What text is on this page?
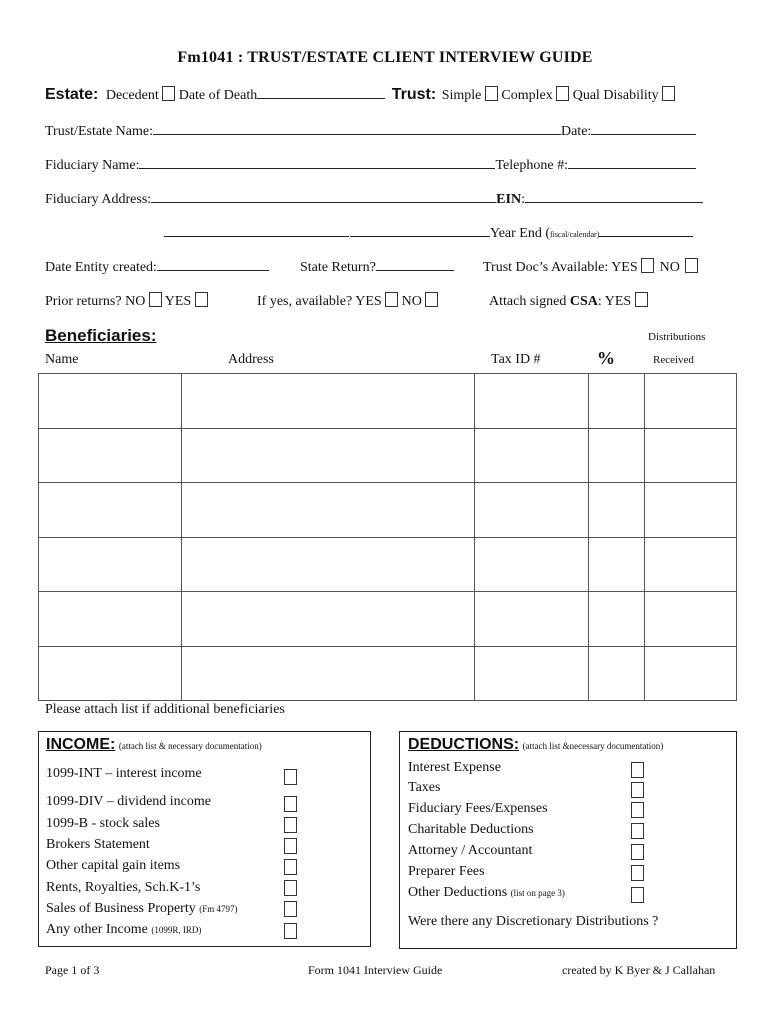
Fm1041 : TRUST/ESTATE CLIENT INTERVIEW GUIDE
Estate: Decedent Date of Death	Trust: Simple Complex Qual Disability
Trust/Estate Name:	Date:
Fiduciary Name:	Telephone #:
Fiduciary Address:	EIN:
Year End (fiscal/calendar)
Date Entity created:	State Return?	Trust Doc’s Available: YES NO
Prior returns? NO YES	If yes, available? YES NO	Attach signed CSA: YES
Beneficiaries:	Distributions
Name	Address	Tax ID #	%	Received

Please attach list if additional beneficiaries
INCOME: (attach list & necessary documentation)
1099-INT – interest income
1099-DIV – dividend income
1099-B - stock sales
Brokers Statement
Other capital gain items
Rents, Royalties, Sch.K-1’s
Sales of Business Property (Fm 4797)
Any other Income (1099R, IRD)
DEDUCTIONS: (attach list &necessary documentation)
Interest Expense
Taxes
Fiduciary Fees/Expenses
Charitable Deductions
Attorney / Accountant
Preparer Fees
Other Deductions (list on page 3)
Were there any Discretionary Distributions ?
Page 1 of 3	Form 1041 Interview Guide	created by K Byer & J Callahan
